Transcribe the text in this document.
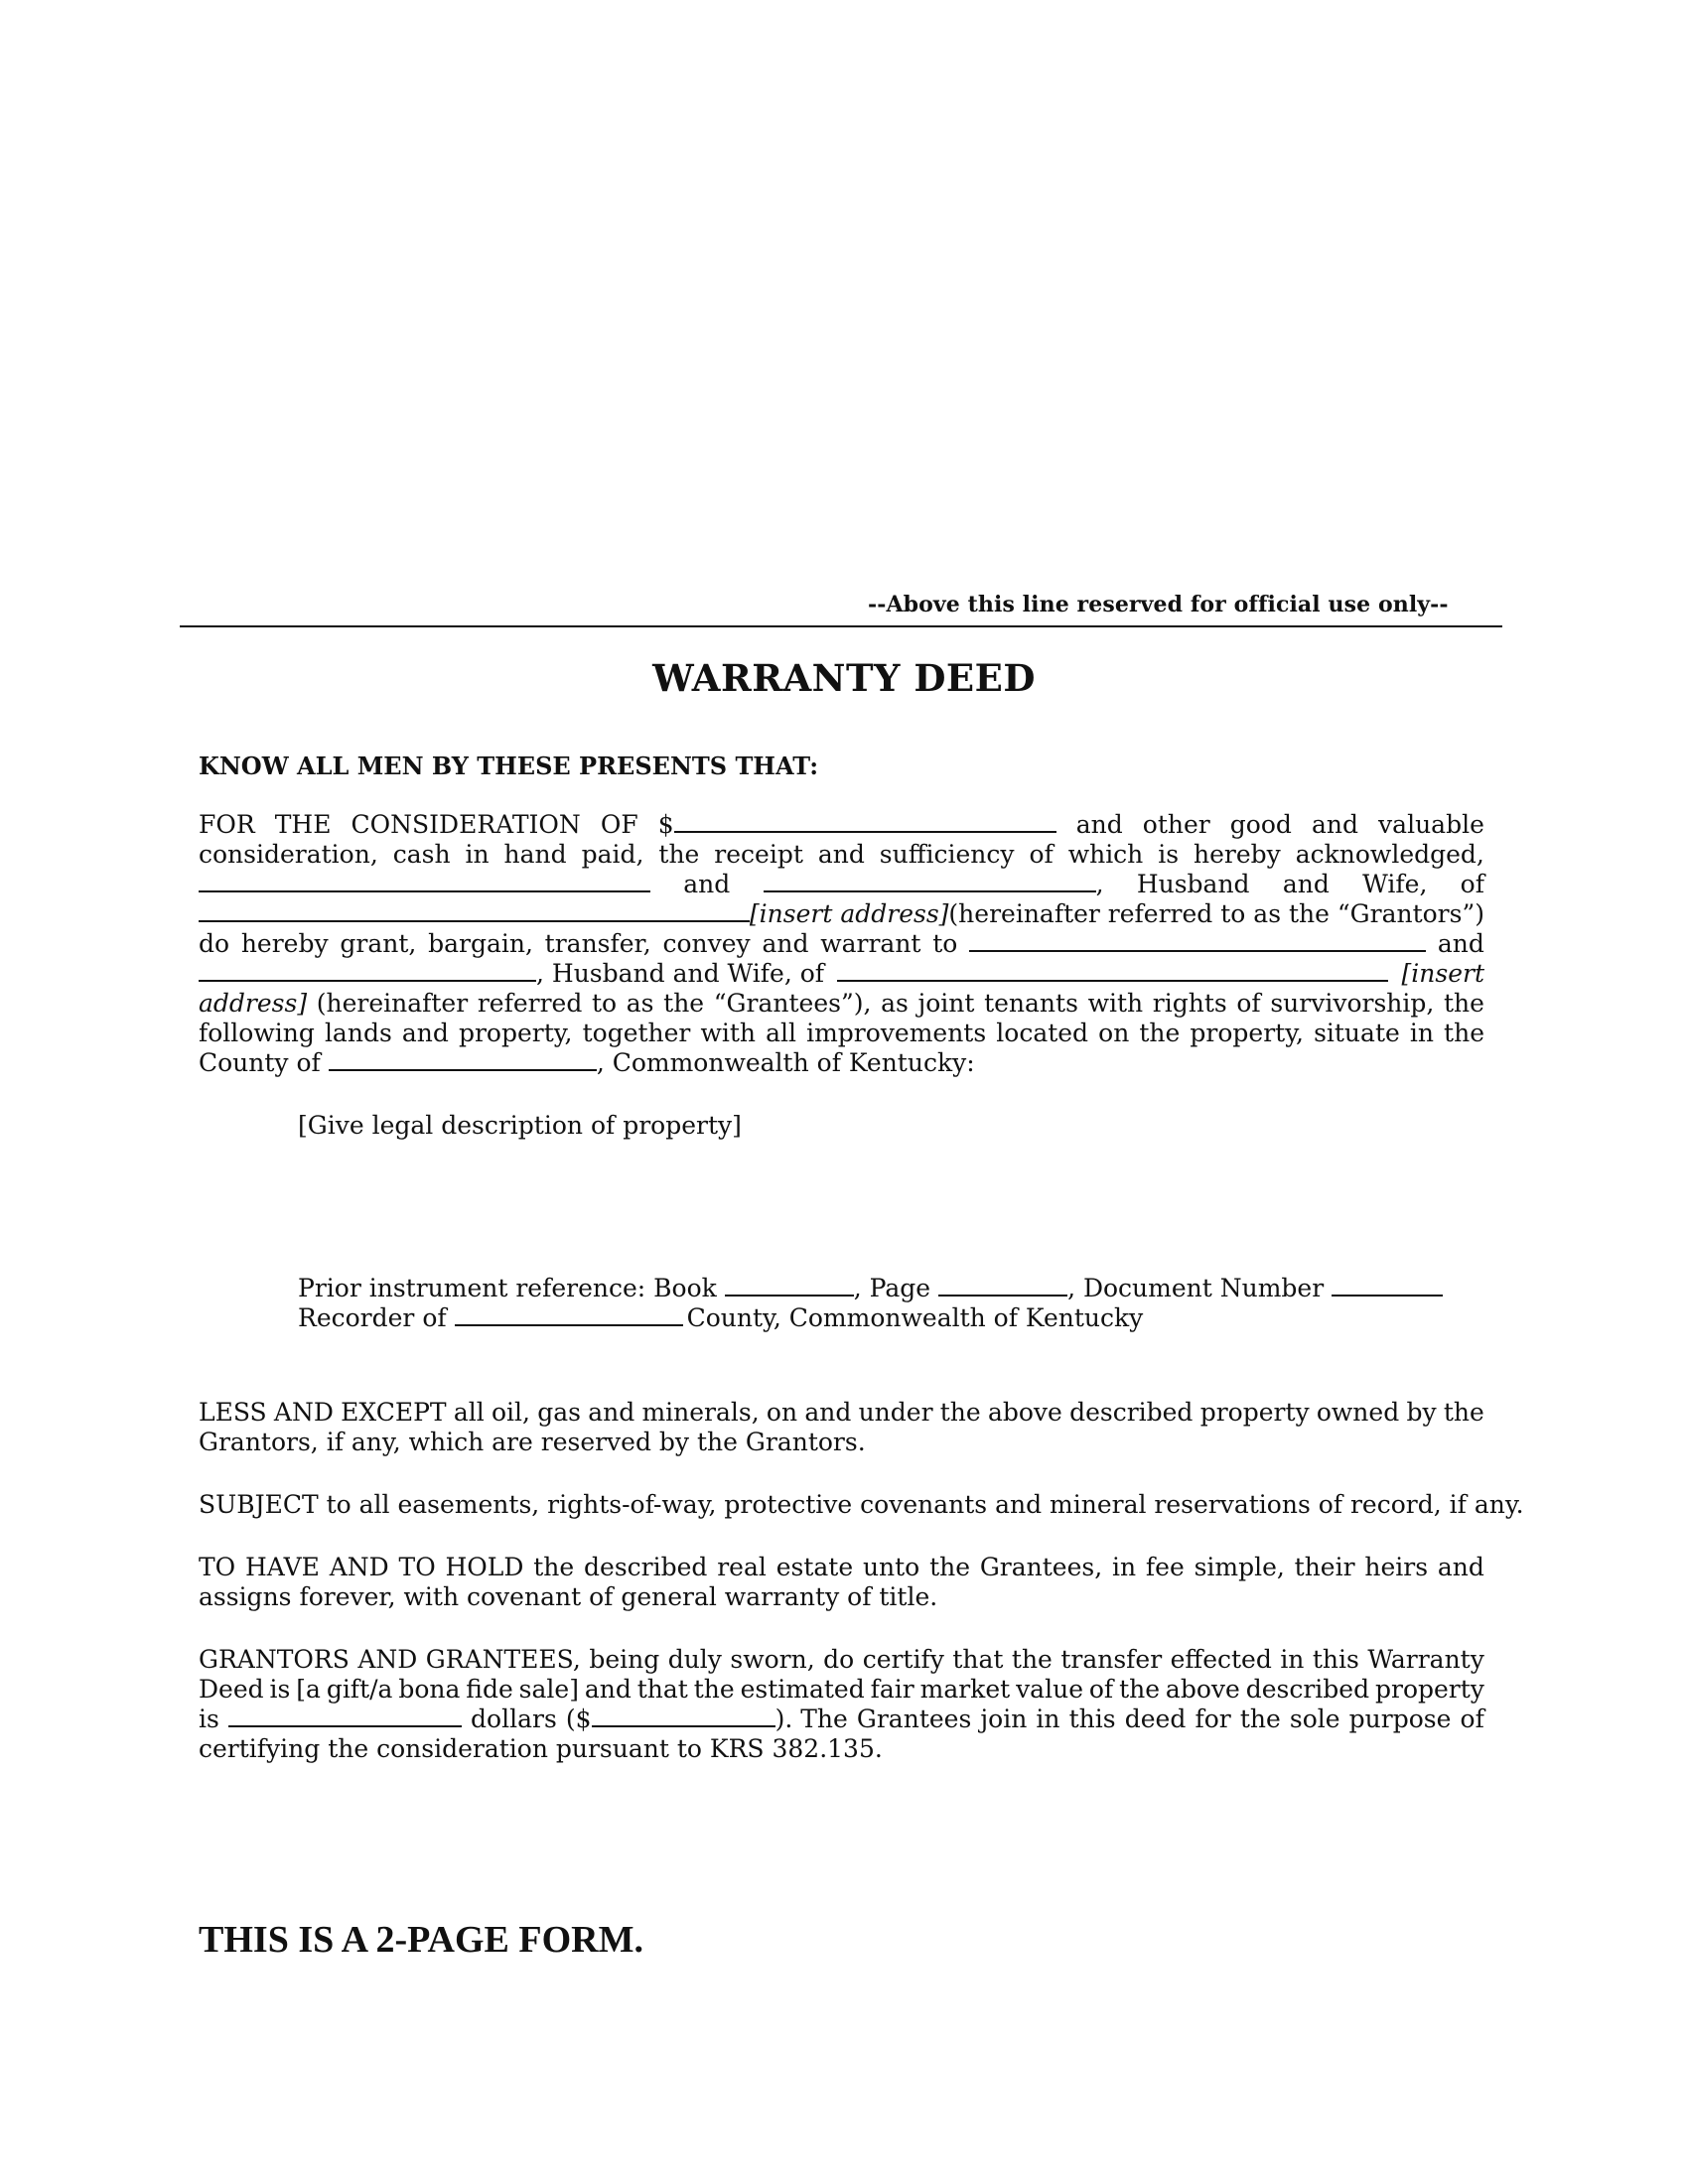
--Above this line reserved for official use only--
WARRANTY DEED
KNOW ALL MEN BY THESE PRESENTS THAT:
FOR THE CONSIDERATION OF $	and other good and valuable
consideration, cash in hand paid, the receipt and sufficiency of which is hereby acknowledged,
and	, Husband and Wife, of
[insert address] (hereinafter referred to as the “Grantors”)
do hereby grant, bargain, transfer, convey and warrant to	and
, Husband and Wife, of	[insert
address] (hereinafter referred to as the “Grantees”), as joint tenants with rights of survivorship, the
following lands and property, together with all improvements located on the property, situate in the
County of	, Commonwealth of Kentucky:
[Give legal description of property]
Prior instrument reference: Book	, Page	, Document Number
Recorder of	County, Commonwealth of Kentucky
LESS AND EXCEPT all oil, gas and minerals, on and under the above described property owned by the
Grantors, if any, which are reserved by the Grantors.
SUBJECT to all easements, rights-of-way, protective covenants and mineral reservations of record, if any.
TO HAVE AND TO HOLD the described real estate unto the Grantees, in fee simple, their heirs and
assigns forever, with covenant of general warranty of title.
GRANTORS AND GRANTEES, being duly sworn, do certify that the transfer effected in this Warranty
Deed is [a gift/a bona fide sale] and that the estimated fair market value of the above described property
is	dollars ($	). The Grantees join in this deed for the sole purpose of
certifying the consideration pursuant to KRS 382.135.
THIS IS A 2-PAGE FORM.
